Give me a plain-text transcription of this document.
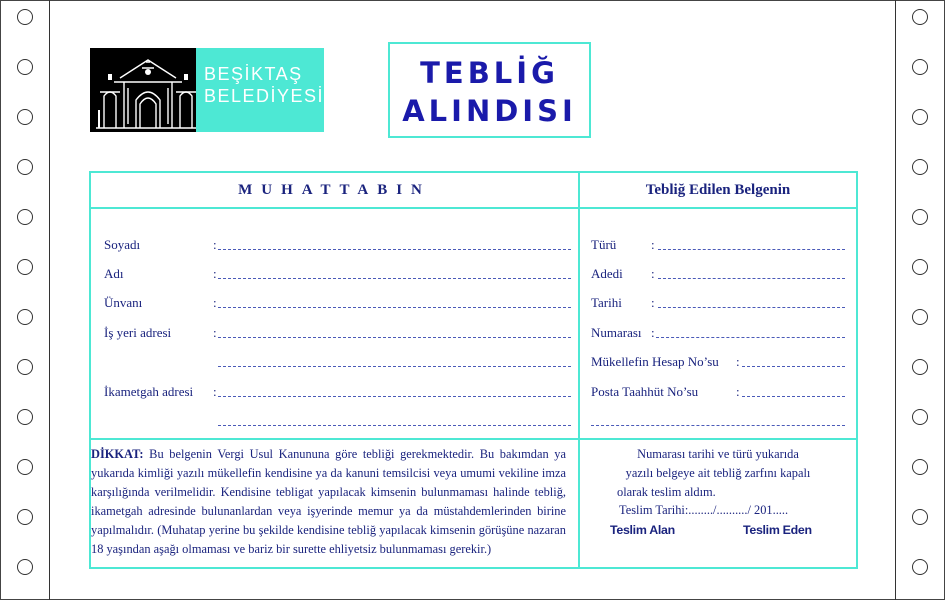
BEŞİKTAŞ
BELEDİYESİ
TEBLİĞ
ALINDISI
MUHATTABIN	Tebliğ Edilen Belgenin
Soyadı	:
Adı	:
Ünvanı	:
İş yeri adresi	:
İkametgah adresi :
Türü	:
Adedi :
Tarihi :
Numarası :
Mükellefin Hesap No’su :
Posta Taahhüt No’su	:
DİKKAT: Bu belgenin Vergi Usul Kanununa göre tebliği gerekmektedir. Bu bakımdan ya yukarıda kimliği yazılı mükellefin kendisine ya da kanuni temsilcisi veya umumi vekiline imza karşılığında verilmelidir. Kendisine tebligat yapılacak kimsenin bulunmaması halinde tebliğ, ikametgah adresinde bulunanlardan veya işyerinde memur ya da müstahdemlerinden birine yapılmalıdır. (Muhatap yerine bu şekilde kendisine tebliğ yapılacak kimsenin görüşüne nazaran 18 yaşından aşağı olmaması ve bariz bir surette ehliyetsiz bulunmaması gerekir.)
Numarası tarihi ve türü yukarıda
yazılı belgeye ait tebliğ zarfını kapalı
olarak teslim aldım.
Teslim Tarihi:......../........../ 201.....
Teslim Alan	Teslim Eden
